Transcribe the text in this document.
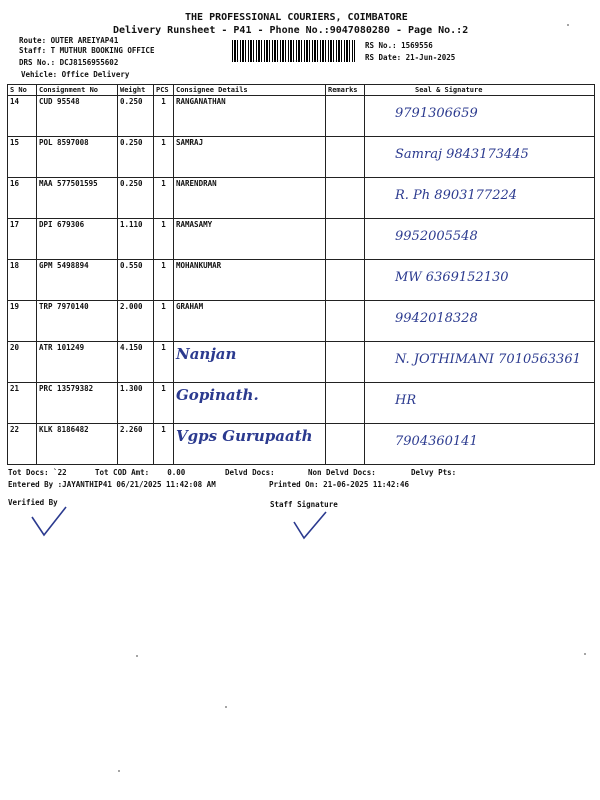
THE PROFESSIONAL COURIERS, COIMBATORE
Delivery Runsheet - P41 - Phone No.:9047080280 - Page No.:2
Route: OUTER AREIYAP41
Staff: T MUTHUR BOOKING OFFICE
DRS No.: DCJ8156955602
Vehicle: Office Delivery
RS No.: 1569556
RS Date: 21-Jun-2025
S No	Consignment No	Weight	PCS	Consignee Details	Remarks	Seal & Signature
14	CUD 95548	0.250	1	RANGANATHAN		9791306659
15	POL 8597008	0.250	1	SAMRAJ		Samraj 9843173445
16	MAA 577501595	0.250	1	NARENDRAN		R. Ph 8903177224
17	DPI 679306	1.110	1	RAMASAMY		9952005548
18	GPM 5498894	0.550	1	MOHANKUMAR		MW 6369152130
19	TRP 7970140	2.000	1	GRAHAM		9942018328
20	ATR 101249	4.150	1	Nanjan		N. JOTHIMANI 7010563361
21	PRC 13579382	1.300	1	Gopinath.		HR
22	KLK 8186482	2.260	1	Vgps Gurupaath		7904360141
Tot Docs: `22	Tot COD Amt:    0.00	Delvd Docs:	Non Delvd Docs:	Delvy Pts:
Entered By :JAYANTHIP41 06/21/2025 11:42:08 AM	Printed On: 21-06-2025 11:42:46
Verified By	Staff Signature
